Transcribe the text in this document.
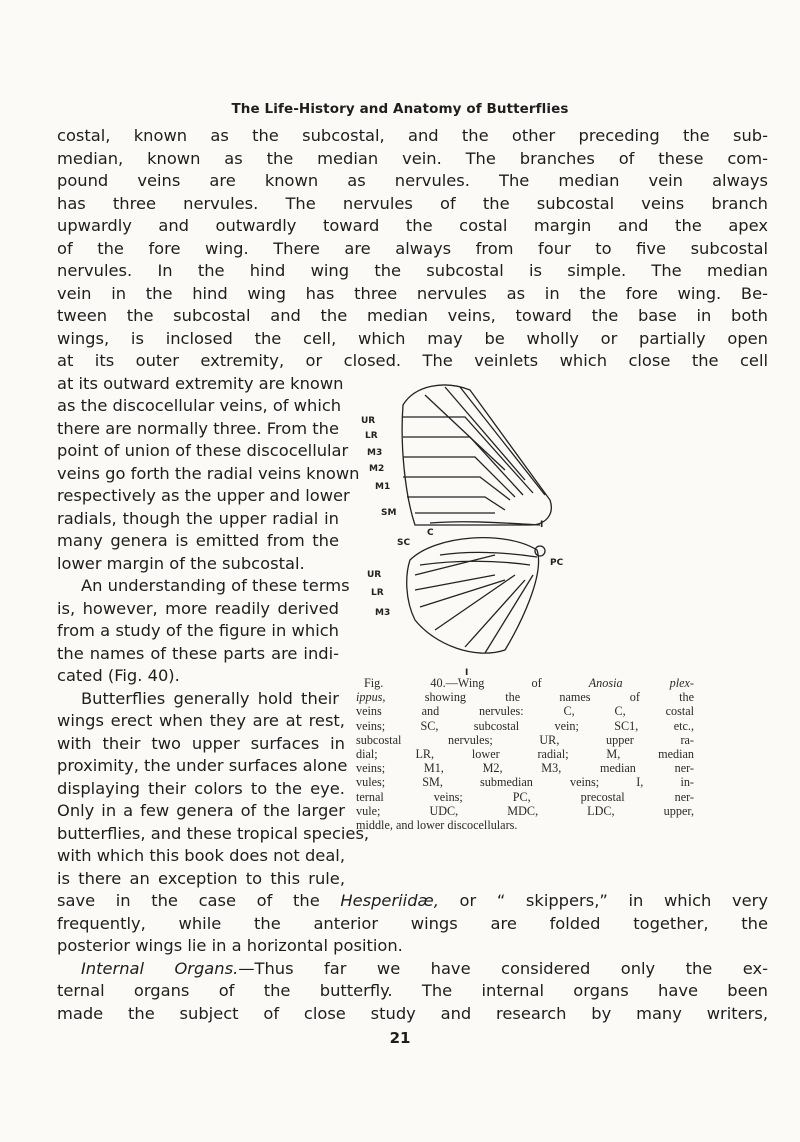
The Life-History and Anatomy of Butterflies
costal, known as the subcostal, and the other preceding the sub-
median, known as the median vein. The branches of these com-
pound veins are known as nervules. The median vein always
has three nervules. The nervules of the subcostal veins branch
upwardly and outwardly toward the costal margin and the apex
of the fore wing. There are always from four to five subcostal
nervules. In the hind wing the subcostal is simple. The median
vein in the hind wing has three nervules as in the fore wing. Be-
tween the subcostal and the median veins, toward the base in both
wings, is inclosed the cell, which may be wholly or partially open
at its outer extremity, or closed. The veinlets which close the cell
at its outward extremity are known
as the discocellular veins, of which
there are normally three. From the
point of union of these discocellular
veins go forth the radial veins known
respectively as the upper and lower
radials, though the upper radial in
many genera is emitted from the
lower margin of the subcostal.
An understanding of these terms
is, however, more readily derived
from a study of the figure in which
the names of these parts are indi-
cated (Fig. 40).
Butterflies generally hold their
wings erect when they are at rest,
with their two upper surfaces in
proximity, the under surfaces alone
displaying their colors to the eye.
Only in a few genera of the larger
butterflies, and these tropical species,
with which this book does not deal,
is there an exception to this rule,
save in the case of the Hesperiidæ, or “ skippers,” in which very
frequently, while the anterior wings are folded together, the
posterior wings lie in a horizontal position.
Internal Organs.—Thus far we have considered only the ex-
ternal organs of the butterfly. The internal organs have been
made the subject of close study and research by many writers,
UR
LR
M3
M2
M1
SM
SC
C
PC
UR
LR
M3
I
I
Fig. 40.—Wing of Anosia plex-
ippus, showing the names of the
veins and nervules: C, C, costal
veins; SC, subcostal vein; SC1, etc.,
subcostal nervules; UR, upper ra-
dial; LR, lower radial; M, median
veins; M1, M2, M3, median ner-
vules; SM, submedian veins; I, in-
ternal veins; PC, precostal ner-
vule; UDC, MDC, LDC, upper,
middle, and lower discocellulars.
21
